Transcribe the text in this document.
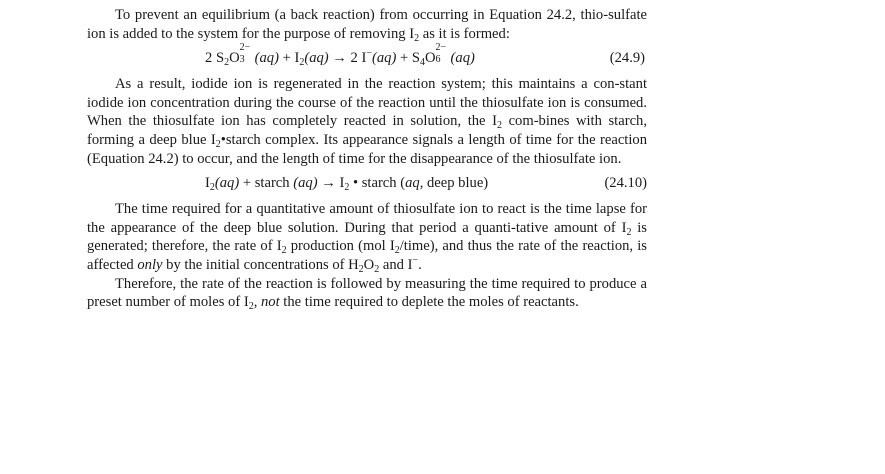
To prevent an equilibrium (a back reaction) from occurring in Equation 24.2, thio-sulfate ion is added to the system for the purpose of removing $I_2$ as it is formed:

2 $S_2O$
2−
3 $(aq) + I_2(aq) \to 2$ $I^-(aq) + S_4O$
2−
6 (aq)	(24.9)

As a result, iodide ion is regenerated in the reaction system; this maintains a con-stant iodide ion concentration during the course of the reaction until the thiosulfate ion is consumed. When the thiosulfate ion has completely reacted in solution, the $I_2$ com-bines with starch, forming a deep blue $I_2•starch$ complex. Its appearance signals a length of time for the reaction (Equation 24.2) to occur, and the length of time for the disappearance of the thiosulfate ion.

$I_2(aq)$ + starch $(aq) \to I_2$ • starch (aq, deep blue)	(24.10)

The time required for a quantitative amount of thiosulfate ion to react is the time lapse for the appearance of the deep blue solution. During that period a quanti-tative amount of $I_2$ is generated; therefore, the rate of $I_2$ production (mol $I_2/time$), and thus the rate of the reaction, is affected only by the initial concentrations of $H_2O_2$ and I−.

Therefore, the rate of the reaction is followed by measuring the time required to produce a preset number of moles of $I_2$, not the time required to deplete the moles of reactants.
